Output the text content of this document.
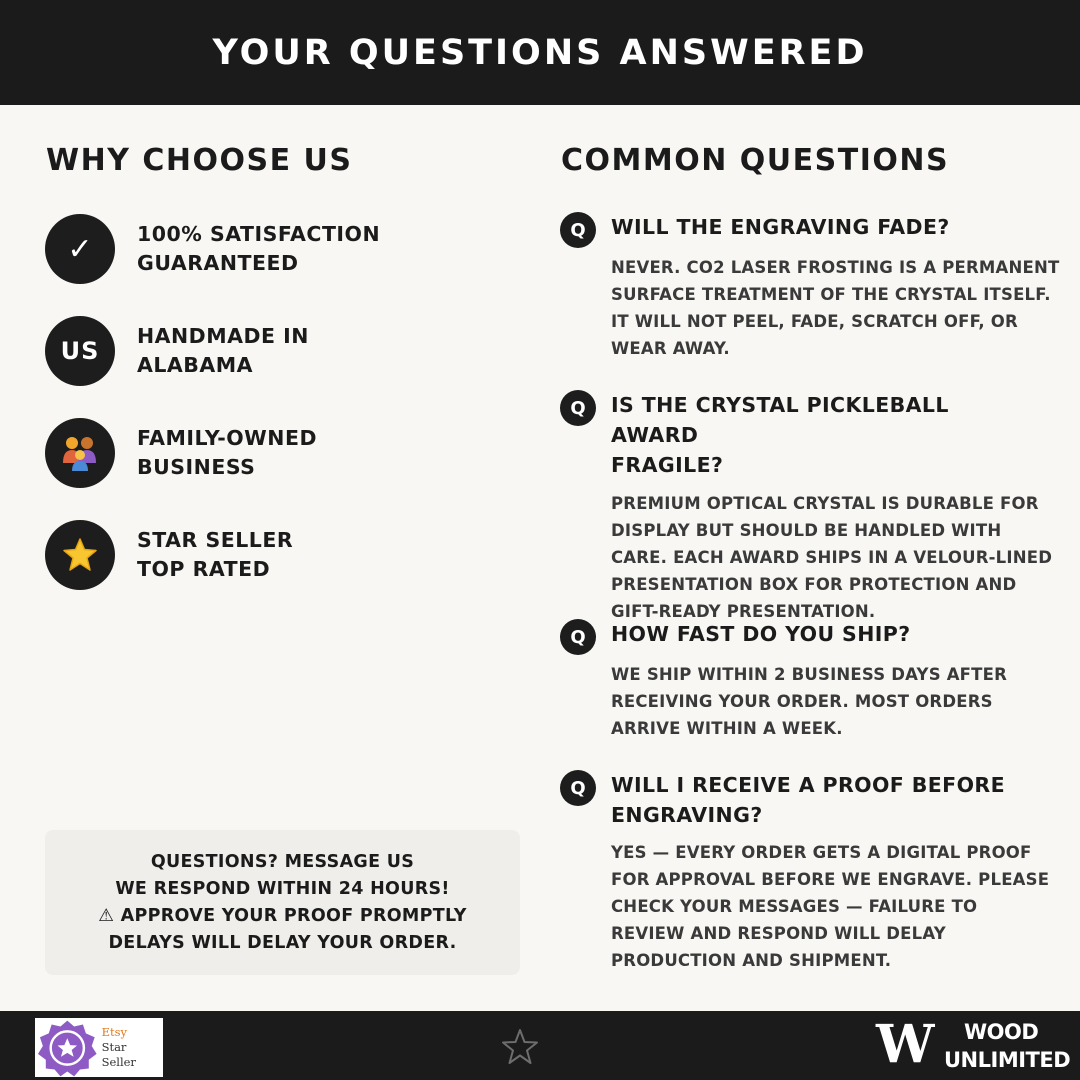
YOUR QUESTIONS ANSWERED
WHY CHOOSE US
✓ 100% SATISFACTION
GUARANTEED
US
HANDMADE IN
ALABAMA
FAMILY-OWNED
BUSINESS
STAR SELLER
TOP RATED
QUESTIONS? MESSAGE US
WE RESPOND WITHIN 24 HOURS!
⚠ APPROVE YOUR PROOF PROMPTLY
DELAYS WILL DELAY YOUR ORDER.
COMMON QUESTIONS
Q	WILL THE ENGRAVING FADE?
NEVER. CO2 LASER FROSTING IS A PERMANENT
SURFACE TREATMENT OF THE CRYSTAL ITSELF.
IT WILL NOT PEEL, FADE, SCRATCH OFF, OR
WEAR AWAY.
Q	IS THE CRYSTAL PICKLEBALL AWARD
FRAGILE?
PREMIUM OPTICAL CRYSTAL IS DURABLE FOR
DISPLAY BUT SHOULD BE HANDLED WITH
CARE. EACH AWARD SHIPS IN A VELOUR-LINED
PRESENTATION BOX FOR PROTECTION AND
GIFT-READY PRESENTATION.
Q	HOW FAST DO YOU SHIP?
WE SHIP WITHIN 2 BUSINESS DAYS AFTER
RECEIVING YOUR ORDER. MOST ORDERS
ARRIVE WITHIN A WEEK.
Q	WILL I RECEIVE A PROOF BEFORE
ENGRAVING?
YES — EVERY ORDER GETS A DIGITAL PROOF
FOR APPROVAL BEFORE WE ENGRAVE. PLEASE
CHECK YOUR MESSAGES — FAILURE TO
REVIEW AND RESPOND WILL DELAY
PRODUCTION AND SHIPMENT.
Etsy
Star Seller	W WOOD
UNLIMITED
